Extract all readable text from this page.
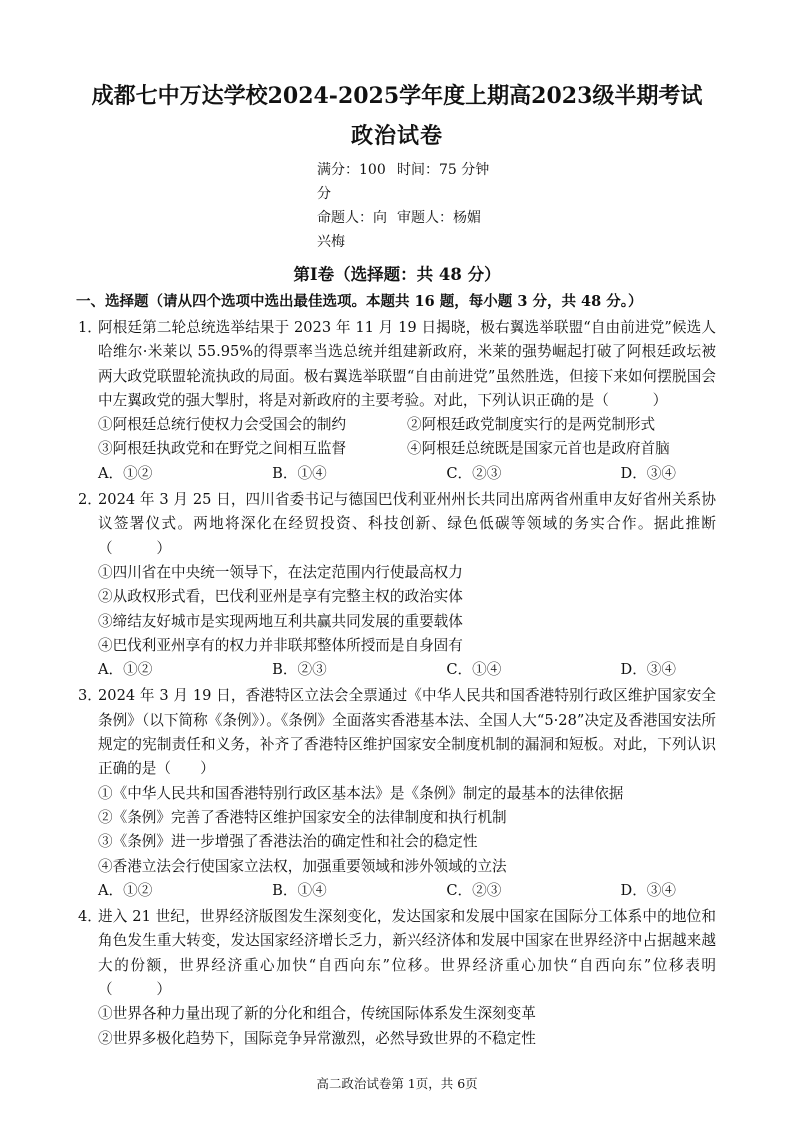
成都七中万达学校2024-2025学年度上期高2023级半期考试
政治试卷
满分：100 分
时间：75 分钟
命题人：向兴梅
审题人：杨媚
第Ⅰ卷（选择题：共 48 分）
一、选择题（请从四个选项中选出最佳选项。本题共 16 题，每小题 3 分，共 48 分。）
1．
阿根廷第二轮总统选举结果于 2023 年 11 月 19 日揭晓，极右翼选举联盟“自由前进党”候选人哈维尔·米莱以 55.95%的得票率当选总统并组建新政府，米莱的强势崛起打破了阿根廷政坛被两大政党联盟轮流执政的局面。极右翼选举联盟“自由前进党”虽然胜选，但接下来如何摆脱国会中左翼政党的强大掣肘，将是对新政府的主要考验。对此，下列认识正确的是（　　　）
①阿根廷总统行使权力会受国会的制约	②阿根廷政党制度实行的是两党制形式
③阿根廷执政党和在野党之间相互监督	④阿根廷总统既是国家元首也是政府首脑
A．①②	B．①④	C．②③	D．③④
2．
2024 年 3 月 25 日，四川省委书记与德国巴伐利亚州州长共同出席两省州重申友好省州关系协议签署仪式。两地将深化在经贸投资、科技创新、绿色低碳等领域的务实合作。据此推断（　　　）
①四川省在中央统一领导下，在法定范围内行使最高权力
②从政权形式看，巴伐利亚州是享有完整主权的政治实体
③缔结友好城市是实现两地互利共赢共同发展的重要载体
④巴伐利亚州享有的权力并非联邦整体所授而是自身固有
A．①②	B．②③	C．①④	D．③④
3．
2024 年 3 月 19 日，香港特区立法会全票通过《中华人民共和国香港特别行政区维护国家安全条例》（以下简称《条例》）。《条例》全面落实香港基本法、全国人大“5·28”决定及香港国安法所规定的宪制责任和义务，补齐了香港特区维护国家安全制度机制的漏洞和短板。对此，下列认识正确的是（　　）
①《中华人民共和国香港特别行政区基本法》是《条例》制定的最基本的法律依据
②《条例》完善了香港特区维护国家安全的法律制度和执行机制
③《条例》进一步增强了香港法治的确定性和社会的稳定性
④香港立法会行使国家立法权，加强重要领域和涉外领域的立法
A．①②	B．①④	C．②③	D．③④
4．
进入 21 世纪，世界经济版图发生深刻变化，发达国家和发展中国家在国际分工体系中的地位和角色发生重大转变，发达国家经济增长乏力，新兴经济体和发展中国家在世界经济中占据越来越大的份额，世界经济重心加快“自西向东”位移。世界经济重心加快“自西向东”位移表明（　　　）
①世界各种力量出现了新的分化和组合，传统国际体系发生深刻变革
②世界多极化趋势下，国际竞争异常激烈，必然导致世界的不稳定性
高二政治试卷第 1页，共 6页
